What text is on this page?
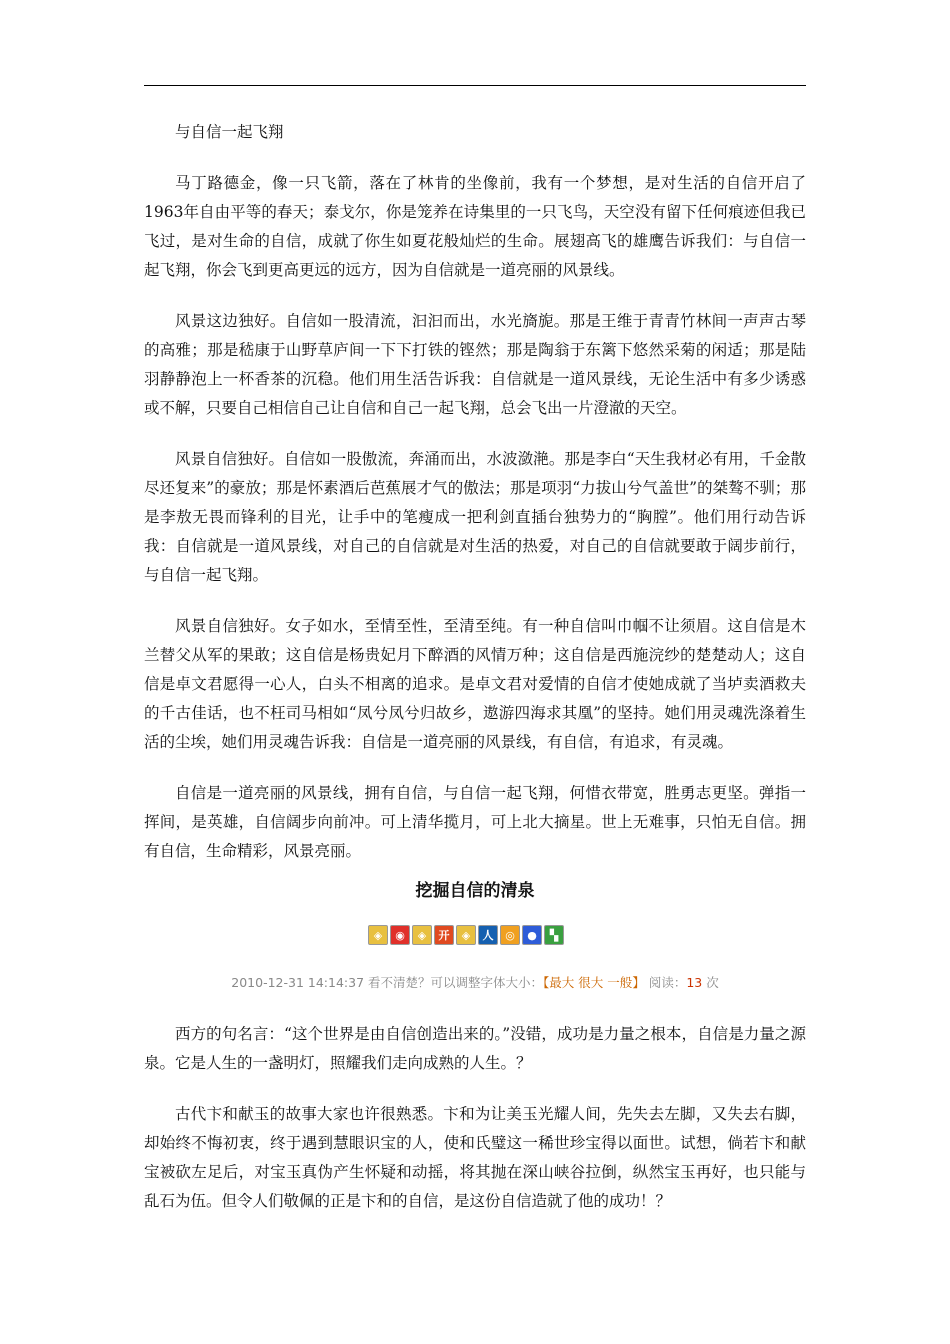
与自信一起飞翔

马丁路德金，像一只飞箭，落在了林肯的坐像前，我有一个梦想，是对生活的自信开启了1963年自由平等的春天；泰戈尔，你是笼养在诗集里的一只飞鸟，天空没有留下任何痕迹但我已飞过，是对生命的自信，成就了你生如夏花般灿烂的生命。展翅高飞的雄鹰告诉我们：与自信一起飞翔，你会飞到更高更远的远方，因为自信就是一道亮丽的风景线。

风景这边独好。自信如一股清流，汩汩而出，水光旖旎。那是王维于青青竹林间一声声古琴的高雅；那是嵇康于山野草庐间一下下打铁的铿然；那是陶翁于东篱下悠然采菊的闲适；那是陆羽静静泡上一杯香茶的沉稳。他们用生活告诉我：自信就是一道风景线，无论生活中有多少诱惑或不解，只要自己相信自己让自信和自己一起飞翔，总会飞出一片澄澈的天空。

风景自信独好。自信如一股傲流，奔涌而出，水波潋滟。那是李白“天生我材必有用，千金散尽还复来”的豪放；那是怀素酒后芭蕉展才气的傲法；那是项羽“力拔山兮气盖世”的桀骜不驯；那是李敖无畏而锋利的目光，让手中的笔瘦成一把利剑直插台独势力的“胸膛”。他们用行动告诉我：自信就是一道风景线，对自己的自信就是对生活的热爱，对自己的自信就要敢于阔步前行，与自信一起飞翔。

风景自信独好。女子如水，至情至性，至清至纯。有一种自信叫巾帼不让须眉。这自信是木兰替父从军的果敢；这自信是杨贵妃月下醉酒的风情万种；这自信是西施浣纱的楚楚动人；这自信是卓文君愿得一心人，白头不相离的追求。是卓文君对爱情的自信才使她成就了当垆卖酒救夫的千古佳话，也不枉司马相如“凤兮凤兮归故乡，遨游四海求其凰”的坚持。她们用灵魂洗涤着生活的尘埃，她们用灵魂告诉我：自信是一道亮丽的风景线，有自信，有追求，有灵魂。

自信是一道亮丽的风景线，拥有自信，与自信一起飞翔，何惜衣带宽，胜勇志更坚。弹指一挥间，是英雄，自信阔步向前冲。可上清华揽月，可上北大摘星。世上无难事，只怕无自信。拥有自信，生命精彩，风景亮丽。

挖掘自信的清泉
◈	◉	◈	开	◈	人	◎	●	▚
2010-12-31 14:14:37 看不清楚？可以调整字体大小：【最大 很大 一般】 阅读：13 次

西方的句名言：“这个世界是由自信创造出来的。”没错，成功是力量之根本，自信是力量之源泉。它是人生的一盏明灯，照耀我们走向成熟的人生。？

古代卞和献玉的故事大家也许很熟悉。卞和为让美玉光耀人间，先失去左脚，又失去右脚，却始终不悔初衷，终于遇到慧眼识宝的人，使和氏璧这一稀世珍宝得以面世。试想，倘若卞和献宝被砍左足后，对宝玉真伪产生怀疑和动摇，将其抛在深山峡谷拉倒，纵然宝玉再好，也只能与乱石为伍。但令人们敬佩的正是卞和的自信，是这份自信造就了他的成功！？
